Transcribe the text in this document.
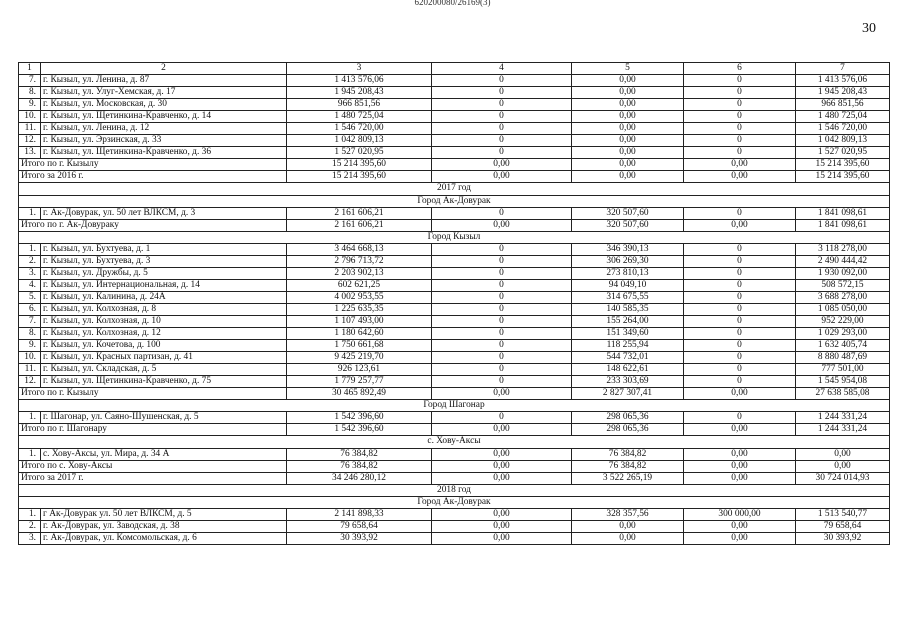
620200080/26169(3)
30
1	2	3	4	5	6	7
7.	г. Кызыл, ул. Ленина, д. 87	1 413 576,06	0	0,00	0	1 413 576,06
8.	г. Кызыл, ул. Улуг-Хемская, д. 17	1 945 208,43	0	0,00	0	1 945 208,43
9.	г. Кызыл, ул. Московская, д. 30	966 851,56	0	0,00	0	966 851,56
10.	г. Кызыл, ул. Щетинкина-Кравченко, д. 14	1 480 725,04	0	0,00	0	1 480 725,04
11.	г. Кызыл, ул. Ленина, д. 12	1 546 720,00	0	0,00	0	1 546 720,00
12.	г. Кызыл, ул. Эрзинская, д. 33	1 042 809,13	0	0,00	0	1 042 809,13
13.	г. Кызыл, ул. Щетинкина-Кравченко, д. 36	1 527 020,95	0	0,00	0	1 527 020,95
Итого по г. Кызылу		15 214 395,60	0,00	0,00	0,00	15 214 395,60
Итого за 2016 г.		15 214 395,60	0,00	0,00	0,00	15 214 395,60
2017 год						
Город Ак-Довурак						
1.	г. Ак-Довурак, ул. 50 лет ВЛКСМ, д. 3	2 161 606,21	0	320 507,60	0	1 841 098,61
Итого по г. Ак-Довураку		2 161 606,21	0,00	320 507,60	0,00	1 841 098,61
Город Кызыл						
1.	г. Кызыл, ул. Бухтуева, д. 1	3 464 668,13	0	346 390,13	0	3 118 278,00
2.	г. Кызыл, ул. Бухтуева, д. 3	2 796 713,72	0	306 269,30	0	2 490 444,42
3.	г. Кызыл, ул. Дружбы, д. 5	2 203 902,13	0	273 810,13	0	1 930 092,00
4.	г. Кызыл, ул. Интернациональная, д. 14	602 621,25	0	94 049,10	0	508 572,15
5.	г. Кызыл, ул. Калинина, д. 24А	4 002 953,55	0	314 675,55	0	3 688 278,00
6.	г. Кызыл, ул. Колхозная, д. 8	1 225 635,35	0	140 585,35	0	1 085 050,00
7.	г. Кызыл, ул. Колхозная, д. 10	1 107 493,00	0	155 264,00	0	952 229,00
8.	г. Кызыл, ул. Колхозная, д. 12	1 180 642,60	0	151 349,60	0	1 029 293,00
9.	г. Кызыл, ул. Кочетова, д. 100	1 750 661,68	0	118 255,94	0	1 632 405,74
10.	г. Кызыл, ул. Красных партизан, д. 41	9 425 219,70	0	544 732,01	0	8 880 487,69
11.	г. Кызыл, ул. Складская, д. 5	926 123,61	0	148 622,61	0	777 501,00
12.	г. Кызыл, ул. Щетинкина-Кравченко, д. 75	1 779 257,77	0	233 303,69	0	1 545 954,08
Итого по г. Кызылу		30 465 892,49	0,00	2 827 307,41	0,00	27 638 585,08
Город Шагонар						
1.	г. Шагонар, ул. Саяно-Шушенская, д. 5	1 542 396,60	0	298 065,36	0	1 244 331,24
Итого по г. Шагонару		1 542 396,60	0,00	298 065,36	0,00	1 244 331,24
с. Хову-Аксы						
1.	с. Хову-Аксы, ул. Мира, д. 34 А	76 384,82	0,00	76 384,82	0,00	0,00
Итого по с. Хову-Аксы		76 384,82	0,00	76 384,82	0,00	0,00
Итого за 2017 г.		34 246 280,12	0,00	3 522 265,19	0,00	30 724 014,93
2018 год						
Город Ак-Довурак						
1.	г Ак-Довурак ул. 50 лет ВЛКСМ, д. 5	2 141 898,33	0,00	328 357,56	300 000,00	1 513 540,77
2.	г. Ак-Довурак, ул. Заводская, д. 38	79 658,64	0,00	0,00	0,00	79 658,64
3.	г. Ак-Довурак, ул. Комсомольская, д. 6	30 393,92	0,00	0,00	0,00	30 393,92
